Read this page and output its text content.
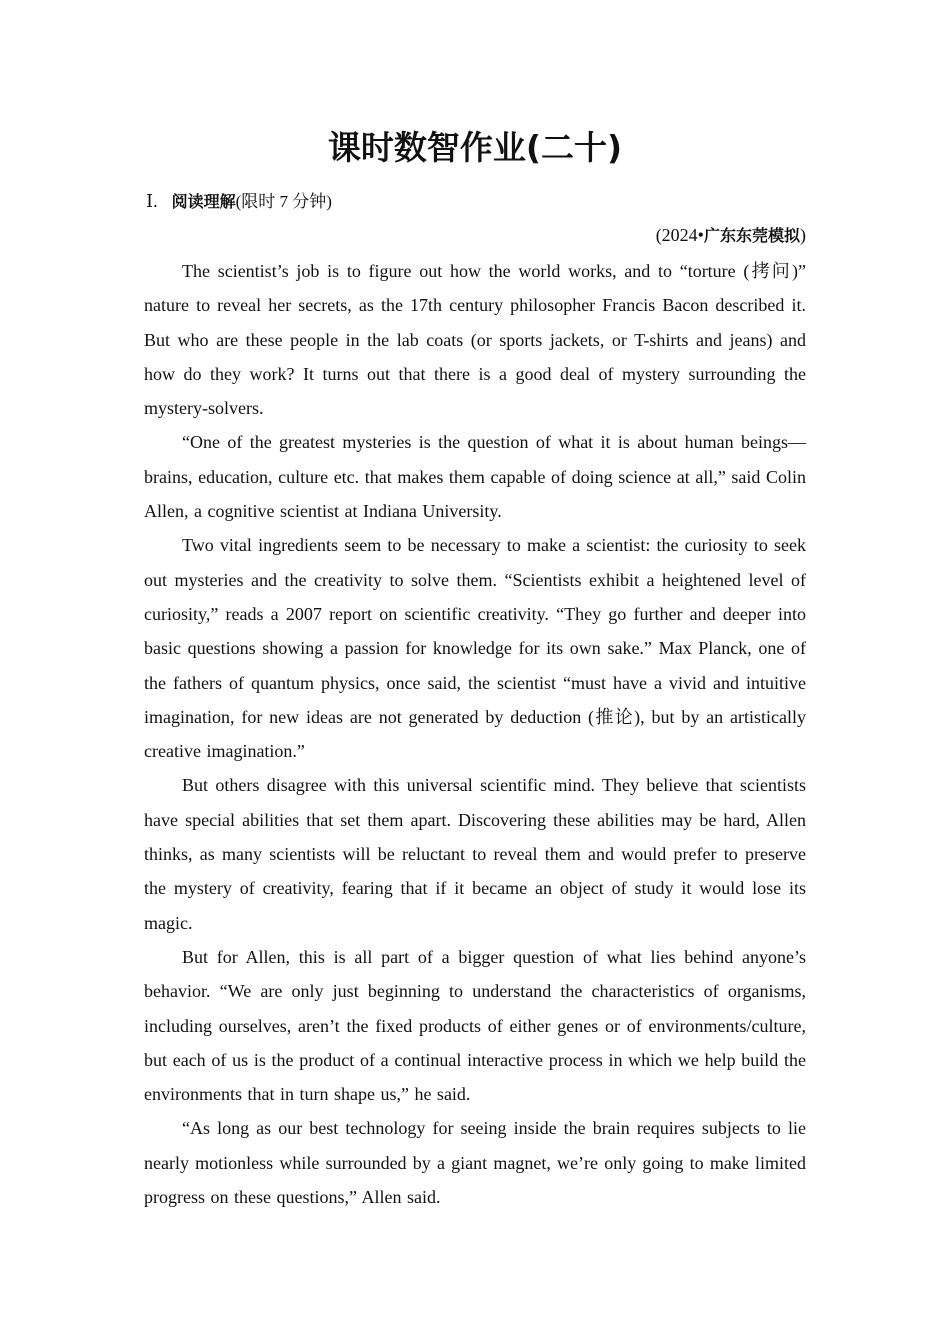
课时数智作业(二十)
Ⅰ. 阅读理解(限时 7 分钟)
(2024•广东东莞模拟)

The scientist’s job is to figure out how the world works, and to “torture (拷问)” nature to reveal her secrets, as the 17th century philosopher Francis Bacon described it. But who are these people in the lab coats (or sports jackets, or T-shirts and jeans) and how do they work? It turns out that there is a good deal of mystery surrounding the mystery-solvers.

“One of the greatest mysteries is the question of what it is about human beings—brains, education, culture etc. that makes them capable of doing science at all,” said Colin Allen, a cognitive scientist at Indiana University.

Two vital ingredients seem to be necessary to make a scientist: the curiosity to seek out mysteries and the creativity to solve them. “Scientists exhibit a heightened level of curiosity,” reads a 2007 report on scientific creativity. “They go further and deeper into basic questions showing a passion for knowledge for its own sake.” Max Planck, one of the fathers of quantum physics, once said, the scientist “must have a vivid and intuitive imagination, for new ideas are not generated by deduction (推论), but by an artistically creative imagination.”

But others disagree with this universal scientific mind. They believe that scientists have special abilities that set them apart. Discovering these abilities may be hard, Allen thinks, as many scientists will be reluctant to reveal them and would prefer to preserve the mystery of creativity, fearing that if it became an object of study it would lose its magic.

But for Allen, this is all part of a bigger question of what lies behind anyone’s behavior. “We are only just beginning to understand the characteristics of organisms, including ourselves, aren’t the fixed products of either genes or of environments/culture, but each of us is the product of a continual interactive process in which we help build the environments that in turn shape us,” he said.

“As long as our best technology for seeing inside the brain requires subjects to lie nearly motionless while surrounded by a giant magnet, we’re only going to make limited progress on these questions,” Allen said.
